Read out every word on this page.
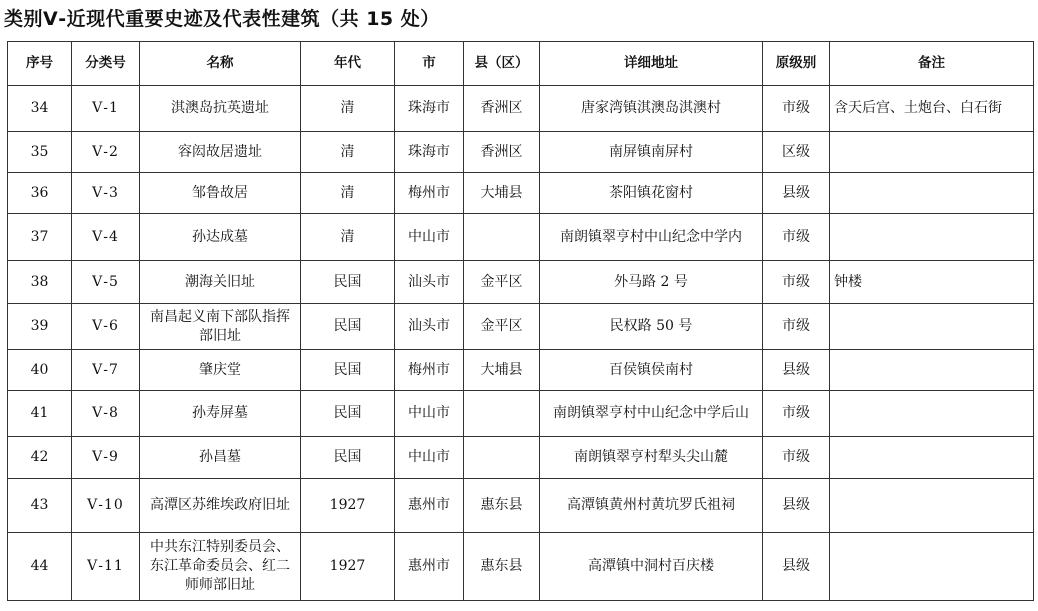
类别Ⅴ-近现代重要史迹及代表性建筑（共 15 处）
序号	分类号	名称	年代	市	县（区）	详细地址	原级别	备注
34	Ⅴ-1	淇澳岛抗英遗址	清	珠海市	香洲区	唐家湾镇淇澳岛淇澳村	市级	含天后宫、土炮台、白石街
35	Ⅴ-2	容闳故居遗址	清	珠海市	香洲区	南屏镇南屏村	区级	
36	Ⅴ-3	邹鲁故居	清	梅州市	大埔县	茶阳镇花窗村	县级	
37	Ⅴ-4	孙达成墓	清	中山市		南朗镇翠亨村中山纪念中学内	市级	
38	Ⅴ-5	潮海关旧址	民国	汕头市	金平区	外马路 2 号	市级	钟楼
39	Ⅴ-6	南昌起义南下部队指挥部旧址	民国	汕头市	金平区	民权路 50 号	市级	
40	Ⅴ-7	肇庆堂	民国	梅州市	大埔县	百侯镇侯南村	县级	
41	Ⅴ-8	孙寿屏墓	民国	中山市		南朗镇翠亨村中山纪念中学后山	市级	
42	Ⅴ-9	孙昌墓	民国	中山市		南朗镇翠亨村犁头尖山麓	市级	
43	Ⅴ-10	高潭区苏维埃政府旧址	1927	惠州市	惠东县	高潭镇黄州村黄坑罗氏祖祠	县级	
44	Ⅴ-11	中共东江特别委员会、东江革命委员会、红二师师部旧址	1927	惠州市	惠东县	高潭镇中洞村百庆楼	县级	
